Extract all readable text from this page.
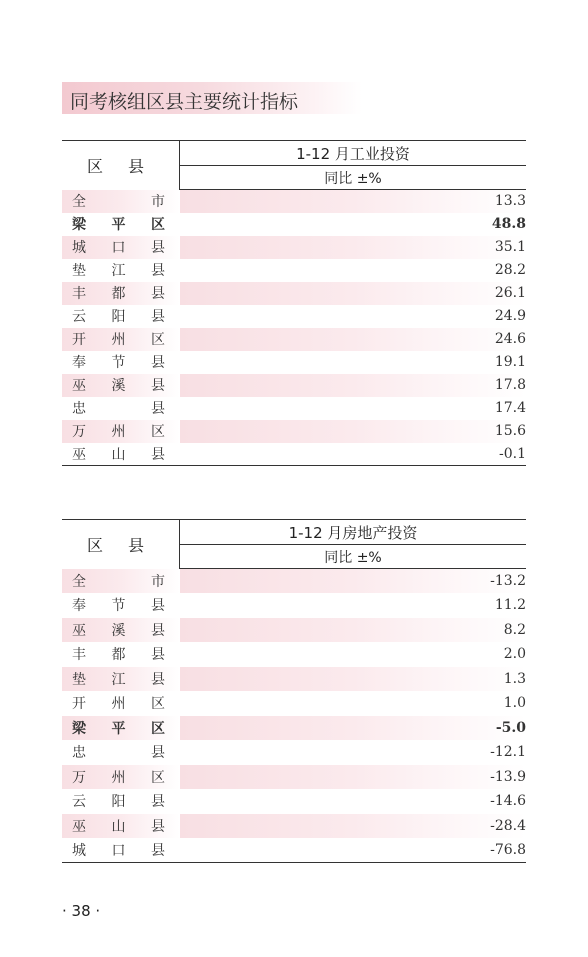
同考核组区县主要统计指标
区 县	1-12 月工业投资
	同比 ±%

全 市	13.3

梁 平 区	48.8

城 口 县	35.1

垫 江 县	28.2

丰 都 县	26.1

云 阳 县	24.9

开 州 区	24.6

奉 节 县	19.1

巫 溪 县	17.8

忠 县	17.4

万 州 区	15.6

巫 山 县	-0.1
区 县	1-12 月房地产投资
	同比 ±%

全 市	-13.2

奉 节 县	11.2

巫 溪 县	8.2

丰 都 县	2.0

垫 江 县	1.3

开 州 区	1.0

梁 平 区	-5.0

忠 县	-12.1

万 州 区	-13.9

云 阳 县	-14.6

巫 山 县	-28.4

城 口 县	-76.8
· 38 ·
